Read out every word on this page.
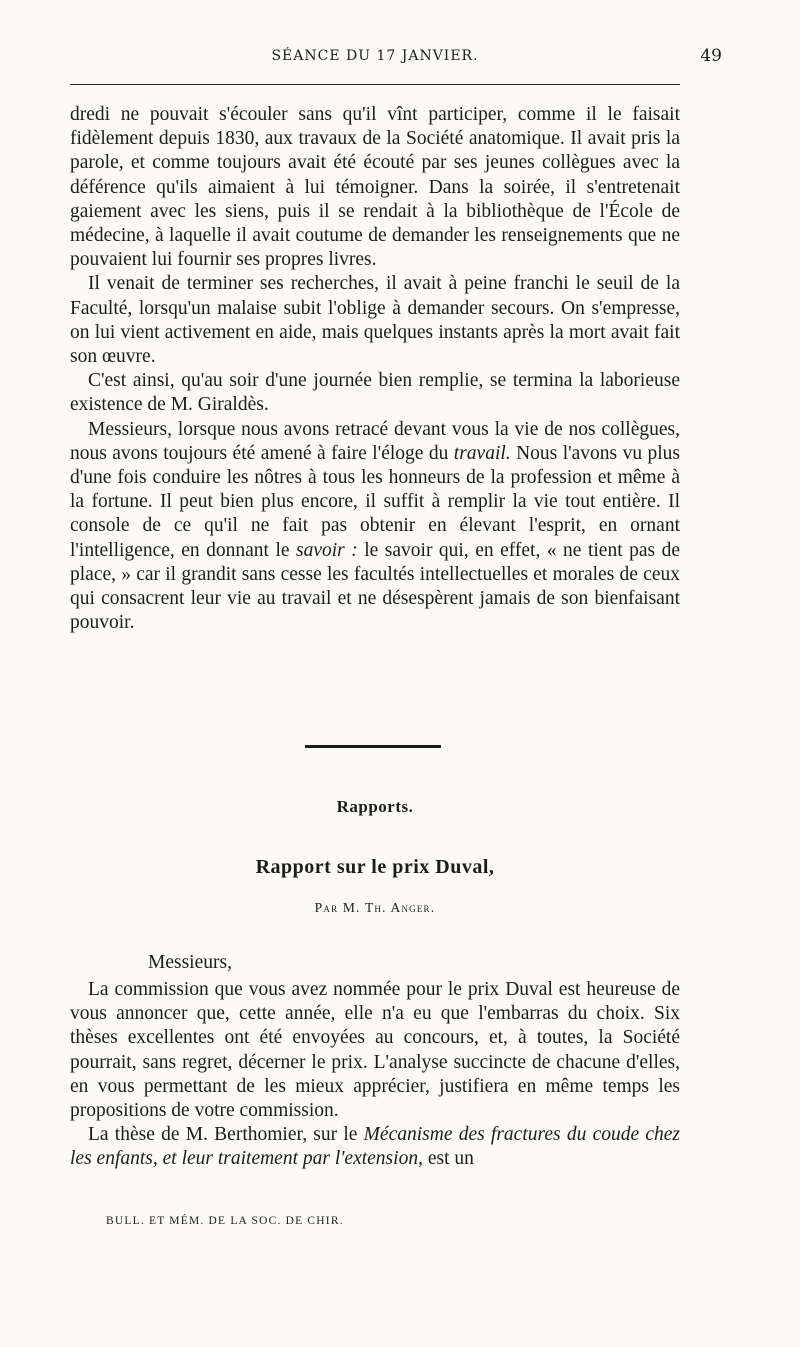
SÉANCE DU 17 JANVIER.	49

dredi ne pouvait s'écouler sans qu'il vînt participer, comme il le faisait fidèlement depuis 1830, aux travaux de la Société anatomique. Il avait pris la parole, et comme toujours avait été écouté par ses jeunes collègues avec la déférence qu'ils aimaient à lui témoigner. Dans la soirée, il s'entretenait gaiement avec les siens, puis il se rendait à la bibliothèque de l'École de médecine, à laquelle il avait coutume de demander les renseignements que ne pouvaient lui fournir ses propres livres.

Il venait de terminer ses recherches, il avait à peine franchi le seuil de la Faculté, lorsqu'un malaise subit l'oblige à demander secours. On s'empresse, on lui vient activement en aide, mais quelques instants après la mort avait fait son œuvre.

C'est ainsi, qu'au soir d'une journée bien remplie, se termina la laborieuse existence de M. Giraldès.

Messieurs, lorsque nous avons retracé devant vous la vie de nos collègues, nous avons toujours été amené à faire l'éloge du travail. Nous l'avons vu plus d'une fois conduire les nôtres à tous les honneurs de la profession et même à la fortune. Il peut bien plus encore, il suffit à remplir la vie tout entière. Il console de ce qu'il ne fait pas obtenir en élevant l'esprit, en ornant l'intelligence, en donnant le savoir : le savoir qui, en effet, « ne tient pas de place, » car il grandit sans cesse les facultés intellectuelles et morales de ceux qui consacrent leur vie au travail et ne désespèrent jamais de son bienfaisant pouvoir.

Rapports.
Rapport sur le prix Duval,
Par M. Th. Anger.
Messieurs,

La commission que vous avez nommée pour le prix Duval est heureuse de vous annoncer que, cette année, elle n'a eu que l'embarras du choix. Six thèses excellentes ont été envoyées au concours, et, à toutes, la Société pourrait, sans regret, décerner le prix. L'analyse succincte de chacune d'elles, en vous permettant de les mieux apprécier, justifiera en même temps les propositions de votre commission.

La thèse de M. Berthomier, sur le Mécanisme des fractures du coude chez les enfants, et leur traitement par l'extension, est un

BULL. ET MÉM. DE LA SOC. DE CHIR.
